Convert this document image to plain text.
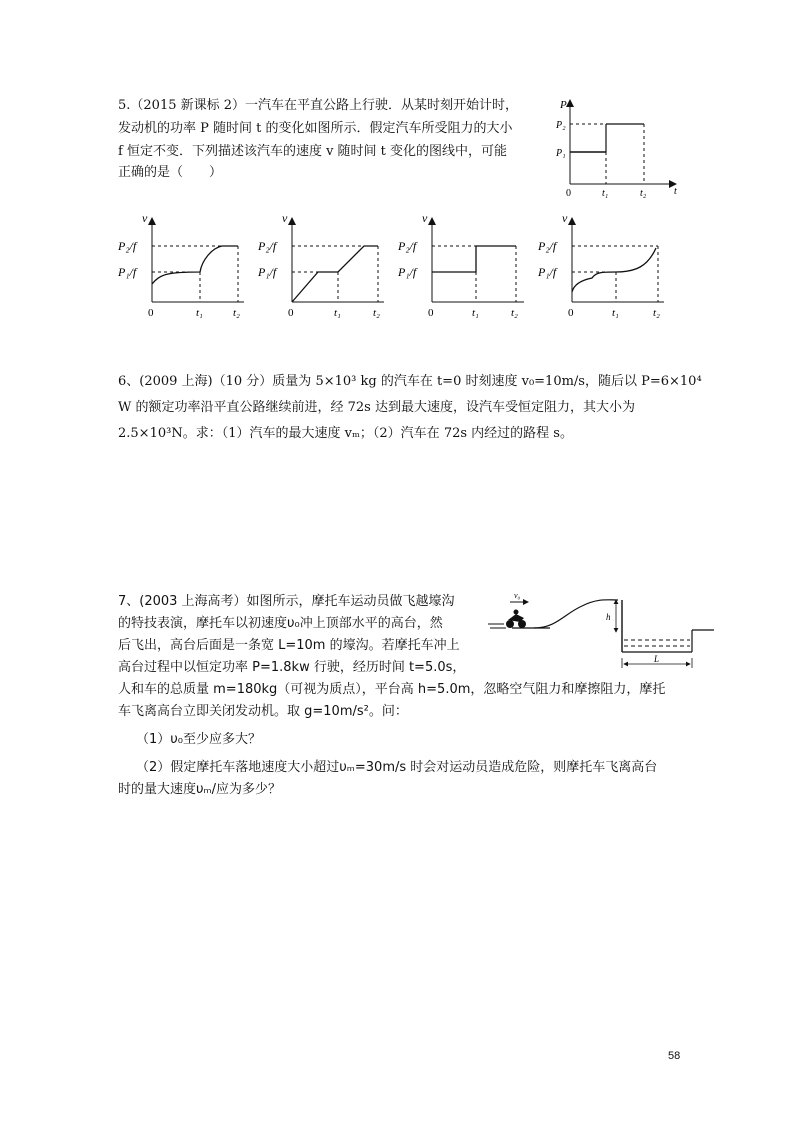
5.（2015 新课标 2）一汽车在平直公路上行驶．从某时刻开始计时，
发动机的功率 P 随时间 t 的变化如图所示．假定汽车所受阻力的大小
f 恒定不变．下列描述该汽车的速度 v 随时间 t 变化的图线中，可能
正确的是（　　）
P
P₂
P₁
0	t₁	t₂	t
v
P₂/f
P₁/f
0	t₁	t₂
v
P₂/f
P₁/f
0	t₁	t₂
v
P₂/f
P₁/f
0	t₁	t₂
v
P₂/f
P₁/f
0	t₁	t₂
6、(2009 上海)（10 分）质量为 5×10³ kg 的汽车在 t=0 时刻速度 v₀=10m/s，随后以 P=6×10⁴
W 的额定功率沿平直公路继续前进，经 72s 达到最大速度，设汽车受恒定阻力，其大小为
2.5×10³N。求：（1）汽车的最大速度 vₘ；（2）汽车在 72s 内经过的路程 s。
7、(2003 上海高考）如图所示，摩托车运动员做飞越壕沟
的特技表演，摩托车以初速度υ₀冲上顶部水平的高台，然
后飞出，高台后面是一条宽 L=10m 的壕沟。若摩托车冲上
高台过程中以恒定功率 P=1.8kw 行驶，经历时间 t=5.0s，
人和车的总质量 m=180kg（可视为质点），平台高 h=5.0m，忽略空气阻力和摩擦阻力，摩托
车飞离高台立即关闭发动机。取 g=10m/s²。问：
（1）υ₀至少应多大？
（2）假定摩托车落地速度大小超过υₘ=30m/s 时会对运动员造成危险，则摩托车飞离高台
时的量大速度υₘ/应为多少？
h
L
v₀
58
